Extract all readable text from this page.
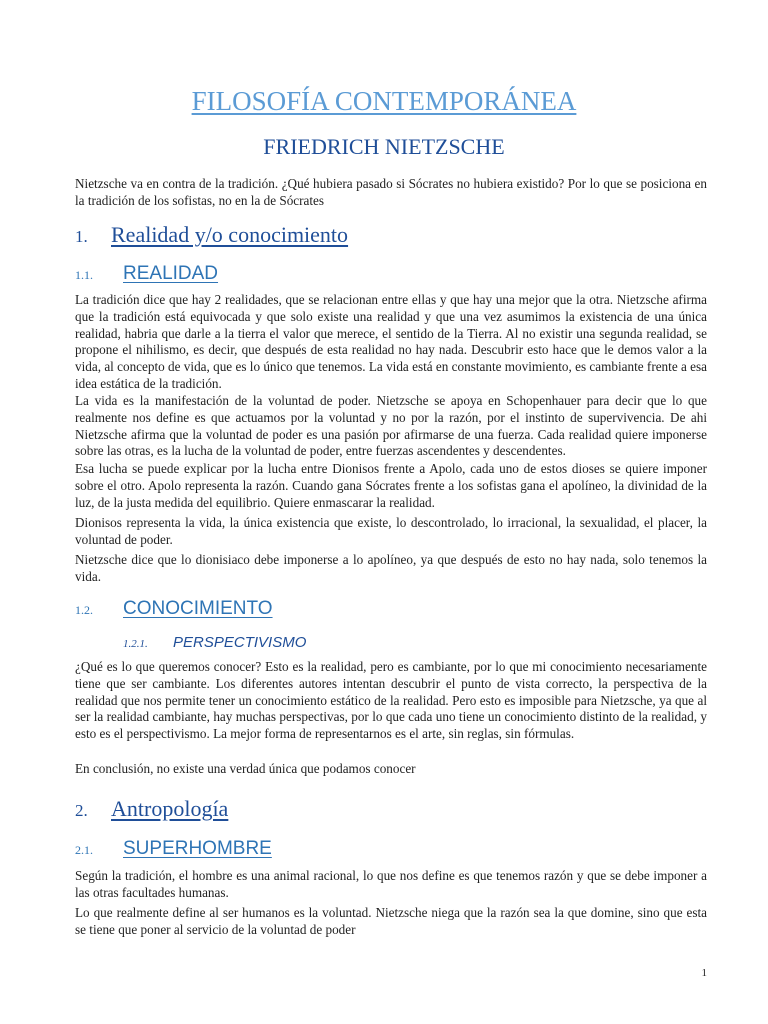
FILOSOFÍA CONTEMPORÁNEA
FRIEDRICH NIETZSCHE

Nietzsche va en contra de la tradición. ¿Qué hubiera pasado si Sócrates no hubiera existido? Por lo que se posiciona en la tradición de los sofistas, no en la de Sócrates

1.	Realidad y/o conocimiento
1.1.	REALIDAD

La tradición dice que hay 2 realidades, que se relacionan entre ellas y que hay una mejor que la otra. Nietzsche afirma que la tradición está equivocada y que solo existe una realidad y que una vez asumimos la existencia de una única realidad, habria que darle a la tierra el valor que merece, el sentido de la Tierra. Al no existir una segunda realidad, se propone el nihilismo, es decir, que después de esta realidad no hay nada. Descubrir esto hace que le demos valor a la vida, al concepto de vida, que es lo único que tenemos. La vida está en constante movimiento, es cambiante frente a esa idea estática de la tradición.

La vida es la manifestación de la voluntad de poder. Nietzsche se apoya en Schopenhauer para decir que lo que realmente nos define es que actuamos por la voluntad y no por la razón, por el instinto de supervivencia. De ahi Nietzsche afirma que la voluntad de poder es una pasión por afirmarse de una fuerza. Cada realidad quiere imponerse sobre las otras, es la lucha de la voluntad de poder, entre fuerzas ascendentes y descendentes.

Esa lucha se puede explicar por la lucha entre Dionisos frente a Apolo, cada uno de estos dioses se quiere imponer sobre el otro. Apolo representa la razón. Cuando gana Sócrates frente a los sofistas gana el apolíneo, la divinidad de la luz, de la justa medida del equilibrio. Quiere enmascarar la realidad.

Dionisos representa la vida, la única existencia que existe, lo descontrolado, lo irracional, la sexualidad, el placer, la voluntad de poder.

Nietzsche dice que lo dionisiaco debe imponerse a lo apolíneo, ya que después de esto no hay nada, solo tenemos la vida.

1.2.	CONOCIMIENTO
1.2.1.	PERSPECTIVISMO

¿Qué es lo que queremos conocer? Esto es la realidad, pero es cambiante, por lo que mi conocimiento necesariamente tiene que ser cambiante. Los diferentes autores intentan descubrir el punto de vista correcto, la perspectiva de la realidad que nos permite tener un conocimiento estático de la realidad. Pero esto es imposible para Nietzsche, ya que al ser la realidad cambiante, hay muchas perspectivas, por lo que cada uno tiene un conocimiento distinto de la realidad, y esto es el perspectivismo. La mejor forma de representarnos es el arte, sin reglas, sin fórmulas.

En conclusión, no existe una verdad única que podamos conocer

2.	Antropología
2.1.	SUPERHOMBRE

Según la tradición, el hombre es una animal racional, lo que nos define es que tenemos razón y que se debe imponer a las otras facultades humanas.

Lo que realmente define al ser humanos es la voluntad. Nietzsche niega que la razón sea la que domine, sino que esta se tiene que poner al servicio de la voluntad de poder

1
